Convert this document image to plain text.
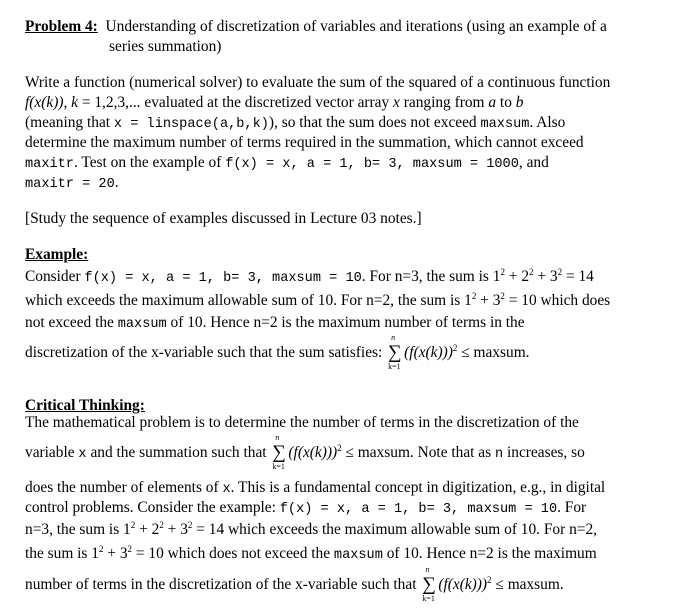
Problem 4: Understanding of discretization of variables and iterations (using an example of a
series summation)
Write a function (numerical solver) to evaluate the sum of the squared of a continuous function
f(x(k)), k = 1,2,3,... evaluated at the discretized vector array x ranging from a to b
(meaning that x = linspace(a,b,k)), so that the sum does not exceed maxsum. Also
determine the maximum number of terms required in the summation, which cannot exceed
maxitr. Test on the example of f(x) = x, a = 1, b= 3, maxsum = 1000, and
maxitr = 20.
[Study the sequence of examples discussed in Lecture 03 notes.]
Example:
Consider f(x) = x, a = 1, b= 3, maxsum = 10. For n=3, the sum is $1^2 + 2^2 + 3^2 = 14$
which exceeds the maximum allowable sum of 10. For n=2, the sum is $1^2 + 3^2 = 10$ which does
not exceed the maxsum of 10. Hence n=2 is the maximum number of terms in the
discretization of the x-variable such that the sum satisfies:
n
∑
k=1
$(f(x(k)))^2$ ≤ maxsum.
Critical Thinking:
The mathematical problem is to determine the number of terms in the discretization of the
variable x and the summation such that
n
∑
k=1
$(f(x(k)))^2$ ≤ maxsum. Note that as n increases, so
does the number of elements of x. This is a fundamental concept in digitization, e.g., in digital
control problems. Consider the example: f(x) = x, a = 1, b= 3, maxsum = 10. For
n=3, the sum is $1^2 + 2^2 + 3^2 = 14$ which exceeds the maximum allowable sum of 10. For n=2,
the sum is $1^2 + 3^2 = 10$ which does not exceed the maxsum of 10. Hence n=2 is the maximum
number of terms in the discretization of the x-variable such that
n
∑
k=1
$(f(x(k)))^2$ ≤ maxsum.
